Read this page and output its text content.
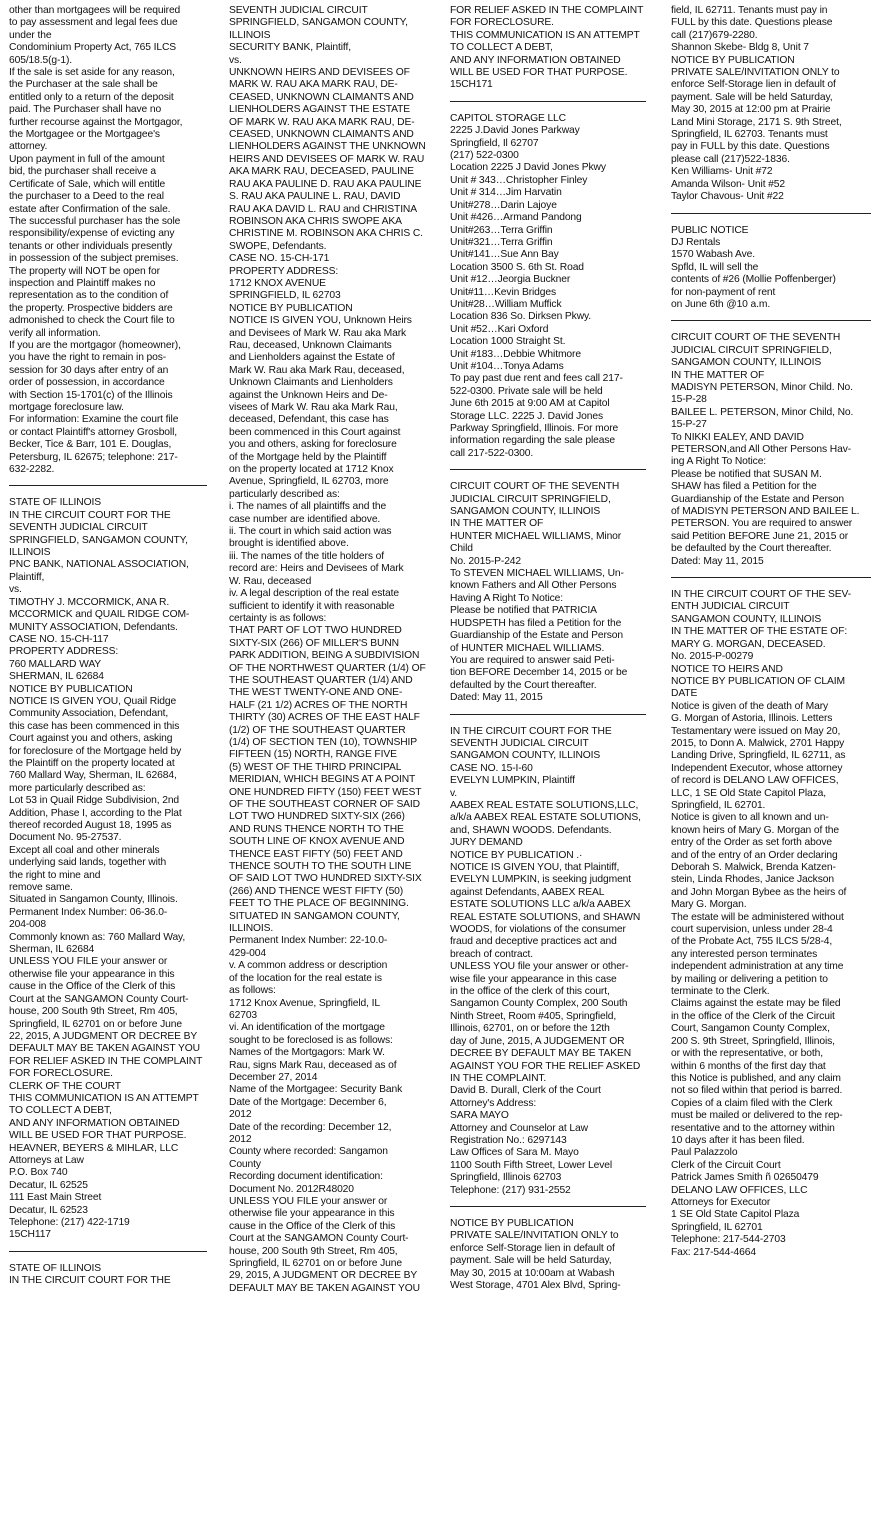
other than mortgagees will be required
to pay assessment and legal fees due
under the
Condominium Property Act, 765 ILCS
605/18.5(g-1).
If the sale is set aside for any reason,
the Purchaser at the sale shall be
entitled only to a return of the deposit
paid. The Purchaser shall have no
further recourse against the Mortgagor,
the Mortgagee or the Mortgagee's
attorney.
Upon payment in full of the amount
bid, the purchaser shall receive a
Certificate of Sale, which will entitle
the purchaser to a Deed to the real
estate after Confirmation of the sale.
The successful purchaser has the sole
responsibility/expense of evicting any
tenants or other individuals presently
in possession of the subject premises.
The property will NOT be open for
inspection and Plaintiff makes no
representation as to the condition of
the property. Prospective bidders are
admonished to check the Court file to
verify all information.
If you are the mortgagor (homeowner),
you have the right to remain in pos-
session for 30 days after entry of an
order of possession, in accordance
with Section 15-1701(c) of the Illinois
mortgage foreclosure law.
For information: Examine the court file
or contact Plaintiff's attorney Grosboll,
Becker, Tice & Barr, 101 E. Douglas,
Petersburg, IL 62675; telephone: 217-
632-2282.
STATE OF ILLINOIS
IN THE CIRCUIT COURT FOR THE
SEVENTH JUDICIAL CIRCUIT
SPRINGFIELD, SANGAMON COUNTY,
ILLINOIS
PNC BANK, NATIONAL ASSOCIATION,
Plaintiff,
vs.
TIMOTHY J. MCCORMICK, ANA R.
MCCORMICK and QUAIL RIDGE COM-
MUNITY ASSOCIATION, Defendants.
CASE NO. 15-CH-117
PROPERTY ADDRESS:
760 MALLARD WAY
SHERMAN, IL 62684
NOTICE BY PUBLICATION
NOTICE IS GIVEN YOU, Quail Ridge
Community Association, Defendant,
this case has been commenced in this
Court against you and others, asking
for foreclosure of the Mortgage held by
the Plaintiff on the property located at
760 Mallard Way, Sherman, IL 62684,
more particularly described as:
Lot 53 in Quail Ridge Subdivision, 2nd
Addition, Phase I, according to the Plat
thereof recorded August 18, 1995 as
Document No. 95-27537.
Except all coal and other minerals
underlying said lands, together with
the right to mine and
remove same.
Situated in Sangamon County, Illinois.
Permanent Index Number: 06-36.0-
204-008
Commonly known as: 760 Mallard Way,
Sherman, IL 62684
UNLESS YOU FILE your answer or
otherwise file your appearance in this
cause in the Office of the Clerk of this
Court at the SANGAMON County Court-
house, 200 South 9th Street, Rm 405,
Springfield, IL 62701 on or before June
22, 2015, A JUDGMENT OR DECREE BY
DEFAULT MAY BE TAKEN AGAINST YOU
FOR RELIEF ASKED IN THE COMPLAINT
FOR FORECLOSURE.
CLERK OF THE COURT
THIS COMMUNICATION IS AN ATTEMPT
TO COLLECT A DEBT,
AND ANY INFORMATION OBTAINED
WILL BE USED FOR THAT PURPOSE.
HEAVNER, BEYERS & MIHLAR, LLC
Attorneys at Law
P.O. Box 740
Decatur, IL 62525
111 East Main Street
Decatur, IL 62523
Telephone: (217) 422-1719
15CH117
STATE OF ILLINOIS
IN THE CIRCUIT COURT FOR THE
SEVENTH JUDICIAL CIRCUIT
SPRINGFIELD, SANGAMON COUNTY,
ILLINOIS
SECURITY BANK, Plaintiff,
vs.
UNKNOWN HEIRS AND DEVISEES OF
MARK W. RAU AKA MARK RAU, DE-
CEASED, UNKNOWN CLAIMANTS AND
LIENHOLDERS AGAINST THE ESTATE
OF MARK W. RAU AKA MARK RAU, DE-
CEASED, UNKNOWN CLAIMANTS AND
LIENHOLDERS AGAINST THE UNKNOWN
HEIRS AND DEVISEES OF MARK W. RAU
AKA MARK RAU, DECEASED, PAULINE
RAU AKA PAULINE D. RAU AKA PAULINE
S. RAU AKA PAULINE L. RAU, DAVID
RAU AKA DAVID L. RAU and CHRISTINA
ROBINSON AKA CHRIS SWOPE AKA
CHRISTINE M. ROBINSON AKA CHRIS C.
SWOPE, Defendants.
CASE NO. 15-CH-171
PROPERTY ADDRESS:
1712 KNOX AVENUE
SPRINGFIELD, IL 62703
NOTICE BY PUBLICATION
NOTICE IS GIVEN YOU, Unknown Heirs
and Devisees of Mark W. Rau aka Mark
Rau, deceased, Unknown Claimants
and Lienholders against the Estate of
Mark W. Rau aka Mark Rau, deceased,
Unknown Claimants and Lienholders
against the Unknown Heirs and De-
visees of Mark W. Rau aka Mark Rau,
deceased, Defendant, this case has
been commenced in this Court against
you and others, asking for foreclosure
of the Mortgage held by the Plaintiff
on the property located at 1712 Knox
Avenue, Springfield, IL 62703, more
particularly described as:
i. The names of all plaintiffs and the
case number are identified above.
ii. The court in which said action was
brought is identified above.
iii. The names of the title holders of
record are: Heirs and Devisees of Mark
W. Rau, deceased
iv. A legal description of the real estate
sufficient to identify it with reasonable
certainty is as follows:
THAT PART OF LOT TWO HUNDRED
SIXTY-SIX (266) OF MILLER'S BUNN
PARK ADDITION, BEING A SUBDIVISION
OF THE NORTHWEST QUARTER (1/4) OF
THE SOUTHEAST QUARTER (1/4) AND
THE WEST TWENTY-ONE AND ONE-
HALF (21 1/2) ACRES OF THE NORTH
THIRTY (30) ACRES OF THE EAST HALF
(1/2) OF THE SOUTHEAST QUARTER
(1/4) OF SECTION TEN (10), TOWNSHIP
FIFTEEN (15) NORTH, RANGE FIVE
(5) WEST OF THE THIRD PRINCIPAL
MERIDIAN, WHICH BEGINS AT A POINT
ONE HUNDRED FIFTY (150) FEET WEST
OF THE SOUTHEAST CORNER OF SAID
LOT TWO HUNDRED SIXTY-SIX (266)
AND RUNS THENCE NORTH TO THE
SOUTH LINE OF KNOX AVENUE AND
THENCE EAST FIFTY (50) FEET AND
THENCE SOUTH TO THE SOUTH LINE
OF SAID LOT TWO HUNDRED SIXTY-SIX
(266) AND THENCE WEST FIFTY (50)
FEET TO THE PLACE OF BEGINNING.
SITUATED IN SANGAMON COUNTY,
ILLINOIS.
Permanent Index Number: 22-10.0-
429-004
v. A common address or description
of the location for the real estate is
as follows:
1712 Knox Avenue, Springfield, IL
62703
vi. An identification of the mortgage
sought to be foreclosed is as follows:
Names of the Mortgagors: Mark W.
Rau, signs Mark Rau, deceased as of
December 27, 2014
Name of the Mortgagee: Security Bank
Date of the Mortgage: December 6,
2012
Date of the recording: December 12,
2012
County where recorded: Sangamon
County
Recording document identification:
Document No. 2012R48020
UNLESS YOU FILE your answer or
otherwise file your appearance in this
cause in the Office of the Clerk of this
Court at the SANGAMON County Court-
house, 200 South 9th Street, Rm 405,
Springfield, IL 62701 on or before June
29, 2015, A JUDGMENT OR DECREE BY
DEFAULT MAY BE TAKEN AGAINST YOU
FOR RELIEF ASKED IN THE COMPLAINT
FOR FORECLOSURE.
THIS COMMUNICATION IS AN ATTEMPT
TO COLLECT A DEBT,
AND ANY INFORMATION OBTAINED
WILL BE USED FOR THAT PURPOSE.
15CH171
CAPITOL STORAGE LLC
2225 J.David Jones Parkway
Springfield, Il 62707
(217) 522-0300
Location 2225 J David Jones Pkwy
Unit # 343…Christopher Finley
Unit # 314…Jim Harvatin
Unit#278…Darin Lajoye
Unit #426…Armand Pandong
Unit#263…Terra Griffin
Unit#321…Terra Griffin
Unit#141…Sue Ann Bay
Location 3500 S. 6th St. Road
Unit #12…Jeorgia Buckner
Unit#11…Kevin Bridges
Unit#28…William Muffick
Location 836 So. Dirksen Pkwy.
Unit #52…Kari Oxford
Location 1000 Straight St.
Unit #183…Debbie Whitmore
Unit #104…Tonya Adams
To pay past due rent and fees call 217-
522-0300. Private sale will be held
June 6th 2015 at 9:00 AM at Capitol
Storage LLC. 2225 J. David Jones
Parkway Springfield, Illinois. For more
information regarding the sale please
call 217-522-0300.
CIRCUIT COURT OF THE SEVENTH
JUDICIAL CIRCUIT SPRINGFIELD,
SANGAMON COUNTY, ILLINOIS
IN THE MATTER OF
HUNTER MICHAEL WILLIAMS, Minor
Child
No. 2015-P-242
To STEVEN MICHAEL WILLIAMS, Un-
known Fathers and All Other Persons
Having A Right To Notice:
Please be notified that PATRICIA
HUDSPETH has filed a Petition for the
Guardianship of the Estate and Person
of HUNTER MICHAEL WILLIAMS.
You are required to answer said Peti-
tion BEFORE December 14, 2015 or be
defaulted by the Court thereafter.
Dated: May 11, 2015
IN THE CIRCUIT COURT FOR THE
SEVENTH JUDICIAL CIRCUIT
SANGAMON COUNTY, ILLINOIS
CASE NO. 15-I-60
EVELYN LUMPKIN, Plaintiff
v.
AABEX REAL ESTATE SOLUTIONS,LLC,
a/k/a AABEX REAL ESTATE SOLUTIONS,
and, SHAWN WOODS. Defendants.
JURY DEMAND
NOTICE BY PUBLICATION .·
NOTICE IS GIVEN YOU, that Plaintiff,
EVELYN LUMPKIN, is seeking judgment
against Defendants, AABEX REAL
ESTATE SOLUTIONS LLC a/k/a AABEX
REAL ESTATE SOLUTIONS, and SHAWN
WOODS, for violations of the consumer
fraud and deceptive practices act and
breach of contract.
UNLESS YOU file your answer or other-
wise file your appearance in this case
in the office of the clerk of this court,
Sangamon County Complex, 200 South
Ninth Street, Room #405, Springfield,
Illinois, 62701, on or before the 12th
day of June, 2015, A JUDGEMENT OR
DECREE BY DEFAULT MAY BE TAKEN
AGAINST YOU FOR THE RELIEF ASKED
IN THE COMPLAINT.
David B. Durall, Clerk of the Court
Attorney's Address:
SARA MAYO
Attorney and Counselor at Law
Registration No.: 6297143
Law Offices of Sara M. Mayo
1100 South Fifth Street, Lower Level
Springfield, Illinois 62703
Telephone: (217) 931-2552
NOTICE BY PUBLICATION
PRIVATE SALE/INVITATION ONLY to
enforce Self-Storage lien in default of
payment. Sale will be held Saturday,
May 30, 2015 at 10:00am at Wabash
West Storage, 4701 Alex Blvd, Spring-
field, IL 62711. Tenants must pay in
FULL by this date. Questions please
call (217)679-2280.
Shannon Skebe- Bldg 8, Unit 7
NOTICE BY PUBLICATION
PRIVATE SALE/INVITATION ONLY to
enforce Self-Storage lien in default of
payment. Sale will be held Saturday,
May 30, 2015 at 12:00 pm at Prairie
Land Mini Storage, 2171 S. 9th Street,
Springfield, IL 62703. Tenants must
pay in FULL by this date. Questions
please call (217)522-1836.
Ken Williams- Unit #72
Amanda Wilson- Unit #52
Taylor Chavous- Unit #22
PUBLIC NOTICE
DJ Rentals
1570 Wabash Ave.
Spfld, IL will sell the
contents of #26 (Mollie Poffenberger)
for non-payment of rent
on June 6th @10 a.m.
CIRCUIT COURT OF THE SEVENTH
JUDICIAL CIRCUIT SPRINGFIELD,
SANGAMON COUNTY, ILLINOIS
IN THE MATTER OF
MADISYN PETERSON, Minor Child. No.
15-P-28
BAILEE L. PETERSON, Minor Child, No.
15-P-27
To NIKKI EALEY, AND DAVID
PETERSON,and All Other Persons Hav-
ing A Right To Notice:
Please be notified that SUSAN M.
SHAW has filed a Petition for the
Guardianship of the Estate and Person
of MADISYN PETERSON AND BAILEE L.
PETERSON. You are required to answer
said Petition BEFORE June 21, 2015 or
be defaulted by the Court thereafter.
Dated: May 11, 2015
IN THE CIRCUIT COURT OF THE SEV-
ENTH JUDICIAL CIRCUIT
SANGAMON COUNTY, ILLINOIS
IN THE MATTER OF THE ESTATE OF:
MARY G. MORGAN, DECEASED.
No. 2015-P-00279
NOTICE TO HEIRS AND
NOTICE BY PUBLICATION OF CLAIM
DATE
Notice is given of the death of Mary
G. Morgan of Astoria, Illinois. Letters
Testamentary were issued on May 20,
2015, to Donn A. Malwick, 2701 Happy
Landing Drive, Springfield, IL 62711, as
Independent Executor, whose attorney
of record is DELANO LAW OFFICES,
LLC, 1 SE Old State Capitol Plaza,
Springfield, IL 62701.
Notice is given to all known and un-
known heirs of Mary G. Morgan of the
entry of the Order as set forth above
and of the entry of an Order declaring
Deborah S. Malwick, Brenda Katzen-
stein, Linda Rhodes, Janice Jackson
and John Morgan Bybee as the heirs of
Mary G. Morgan.
The estate will be administered without
court supervision, unless under 28-4
of the Probate Act, 755 ILCS 5/28-4,
any interested person terminates
independent administration at any time
by mailing or delivering a petition to
terminate to the Clerk.
Claims against the estate may be filed
in the office of the Clerk of the Circuit
Court, Sangamon County Complex,
200 S. 9th Street, Springfield, Illinois,
or with the representative, or both,
within 6 months of the first day that
this Notice is published, and any claim
not so filed within that period is barred.
Copies of a claim filed with the Clerk
must be mailed or delivered to the rep-
resentative and to the attorney within
10 days after it has been filed.
Paul Palazzolo
Clerk of the Circuit Court
Patrick James Smith ñ 02650479
DELANO LAW OFFICES, LLC
Attorneys for Executor
1 SE Old State Capitol Plaza
Springfield, IL 62701
Telephone: 217-544-2703
Fax: 217-544-4664
